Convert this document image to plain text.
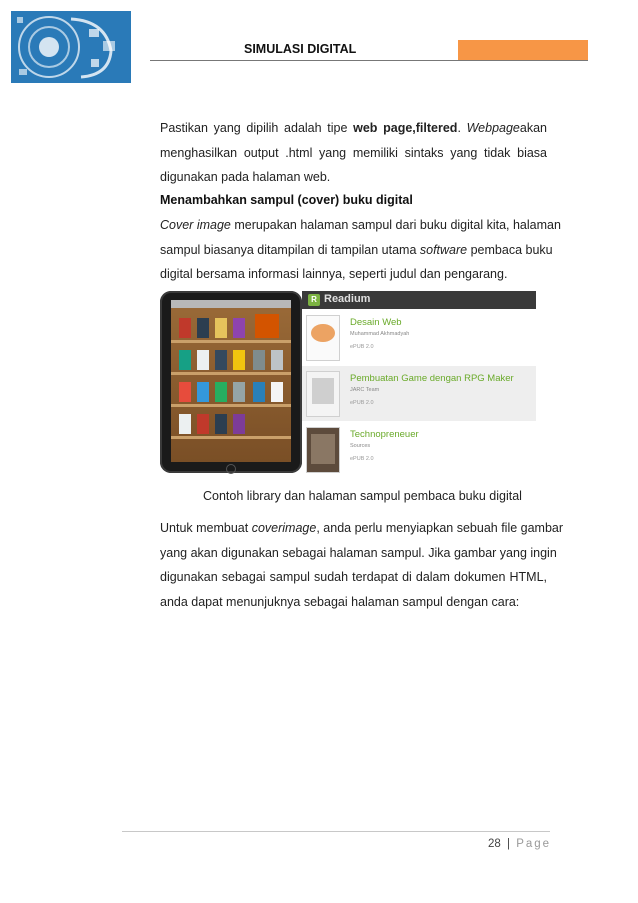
SIMULASI DIGITAL
Pastikan yang dipilih adalah tipe web page,filtered. Webpageakan
menghasilkan output .html yang memiliki sintaks yang tidak biasa
digunakan pada halaman web.
Menambahkan sampul (cover) buku digital
Cover image merupakan halaman sampul dari buku digital kita, halaman
sampul biasanya ditampilan di tampilan utama software pembaca buku
digital bersama informasi lainnya, seperti judul dan pengarang.
R Readium
Desain Web
Muhammad Akhmadyah
ePUB 2.0
Pembuatan Game dengan RPG Maker
JARC Team
ePUB 2.0
Technopreneuer
Sources
ePUB 2.0
Contoh library dan halaman sampul pembaca buku digital
Untuk membuat coverimage, anda perlu menyiapkan sebuah file gambar
yang akan digunakan sebagai halaman sampul. Jika gambar yang ingin
digunakan sebagai sampul sudah terdapat di dalam dokumen HTML,
anda dapat menunjuknya sebagai halaman sampul dengan cara:
28 | Page
